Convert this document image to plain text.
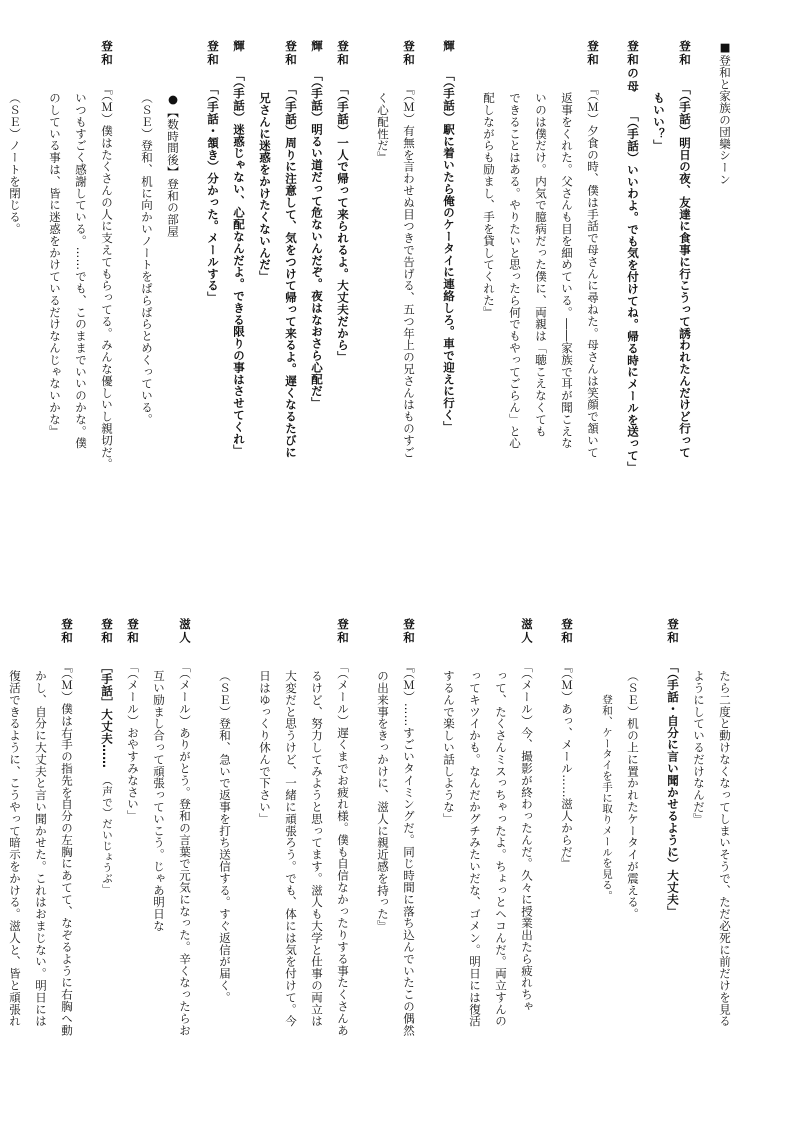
■登和と家族の団欒シーン
登和「（手話）明日の夜、友達に食事に行こうって誘われたんだけど行って
もいい？」
登和の母「（手話）いいわよ。でも気を付けてね。帰る時にメールを送って」
登和『（Ｍ）夕食の時、僕は手話で母さんに尋ねた。母さんは笑顔で頷いて
返事をくれた。父さんも目を細めている。――家族で耳が聞こえな
いのは僕だけ。内気で臆病だった僕に、両親は「聴こえなくても
できることはある。やりたいと思ったら何でもやってごらん」と心
配しながらも励まし、手を貸してくれた』
輝「（手話）駅に着いたら俺のケータイに連絡しろ。車で迎えに行く」
登和『（Ｍ）有無を言わせぬ目つきで告げる、五つ年上の兄さんはものすご
く心配性だ』
登和「（手話）一人で帰って来られるよ。大丈夫だから」
輝「（手話）明るい道だって危ないんだぞ。夜はなおさら心配だ」
登和「（手話）周りに注意して、気をつけて帰って来るよ。遅くなるたびに
兄さんに迷惑をかけたくないんだ」
輝「（手話）迷惑じゃない、心配なんだよ。できる限りの事はさせてくれ」
登和「（手話・頷き）分かった。メールする」
●【数時間後】登和の部屋
（ＳＥ）登和、机に向かいノートをぱらぱらとめくっている。
登和『（Ｍ）僕はたくさんの人に支えてもらってる。みんな優しいし親切だ。
いつもすごく感謝している。……でも、このままでいいのかな。僕
のしている事は、皆に迷惑をかけているだけなんじゃないかな』
（ＳＥ）ノートを閉じる。
たら二度と動けなくなってしまいそうで、ただ必死に前だけを見る
ようにしているだけなんだ』
登和「（手話・自分に言い聞かせるように）大丈夫」
（ＳＥ）机の上に置かれたケータイが震える。
登和、ケータイを手に取りメールを見る。
登和『（Ｍ）あっ、メール……滋人からだ』
滋人「（メール）今、撮影が終わったんだ。久々に授業出たら疲れちゃ
って、たくさんミスっちゃったよ。ちょっとヘコんだ。両立すんの
ってキツイかも。なんだかグチみたいだな、ゴメン。明日には復活
するんで楽しい話しような」
登和『（Ｍ）……すごいタイミングだ。同じ時間に落ち込んでいたこの偶然
の出来事をきっかけに、滋人に親近感を持った』
登和「（メール）遅くまでお疲れ様。僕も自信なかったりする事たくさんあ
るけど、努力してみようと思ってます。滋人も大学と仕事の両立は
大変だと思うけど、一緒に頑張ろう。でも、体には気を付けて。今
日はゆっくり休んで下さい」
（ＳＥ）登和、急いで返事を打ち送信する。すぐ返信が届く。
滋人「（メール）ありがとう。登和の言葉で元気になった。辛くなったらお
互い励まし合って頑張っていこう。じゃあ明日な
登和「（メール）おやすみなさい」
登和［手話］大丈夫……　（声で）だいじょうぶ」
登和『（Ｍ）僕は右手の指先を自分の左胸にあてて、なぞるように右胸へ動
かし、自分に大丈夫と言い聞かせた。これはおまじない。明日には
復活できるように、こうやって暗示をかける。滋人と、皆と頑張れ
